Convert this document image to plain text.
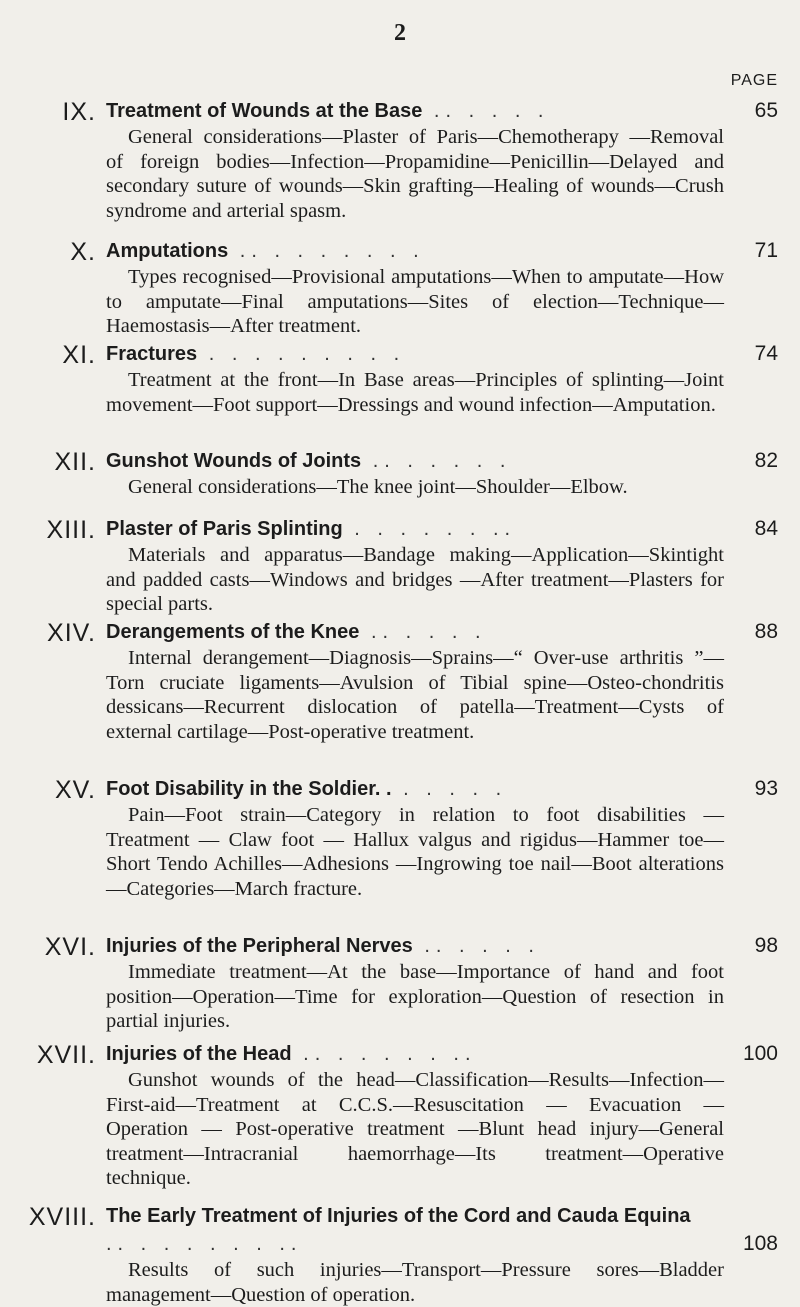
2
PAGE
IX. Treatment of Wounds at the Base .. . . . .

General considerations—Plaster of Paris—Chemotherapy —Removal of foreign bodies—Infection—Propamidine—Penicillin—Delayed and secondary suture of wounds—Skin grafting—Healing of wounds—Crush syndrome and arterial spasm.

65
X. Amputations .. . . . . . . .

Types recognised—Provisional amputations—When to amputate—How to amputate—Final amputations—Sites of election—Technique—Haemostasis—After treatment.

71
XI. Fractures . . . . . . . . .

Treatment at the front—In Base areas—Principles of splinting—Joint movement—Foot support—Dressings and wound infection—Amputation.

74
XII. Gunshot Wounds of Joints .. . . . . .

General considerations—The knee joint—Shoulder—Elbow.

82
XIII. Plaster of Paris Splinting . . . . . . ..

Materials and apparatus—Bandage making—Application—Skintight and padded casts—Windows and bridges —After treatment—Plasters for special parts.

84
XIV. Derangements of the Knee .. . . . .

Internal derangement—Diagnosis—Sprains—“ Over-use arthritis ”—Torn cruciate ligaments—Avulsion of Tibial spine—Osteo-chondritis dessicans—Recurrent dislocation of patella—Treatment—Cysts of external cartilage—Post-operative treatment.

88
XV. Foot Disability in the Soldier. . . . . . .

Pain—Foot strain—Category in relation to foot disabilities — Treatment — Claw foot — Hallux valgus and rigidus—Hammer toe—Short Tendo Achilles—Adhesions —Ingrowing toe nail—Boot alterations—Categories—March fracture.

93
XVI. Injuries of the Peripheral Nerves .. . . . .

Immediate treatment—At the base—Importance of hand and foot position—Operation—Time for exploration—Question of resection in partial injuries.

98
XVII. Injuries of the Head .. . . . . . ..

Gunshot wounds of the head—Classification—Results—Infection—First-aid—Treatment at C.C.S.—Resuscitation — Evacuation — Operation — Post-operative treatment —Blunt head injury—General treatment—Intracranial haemorrhage—Its treatment—Operative technique.

100
XVIII. The Early Treatment of Injuries of the Cord and Cauda Equina .. . . . . . . ..

Results of such injuries—Transport—Pressure sores—Bladder management—Question of operation.

108
